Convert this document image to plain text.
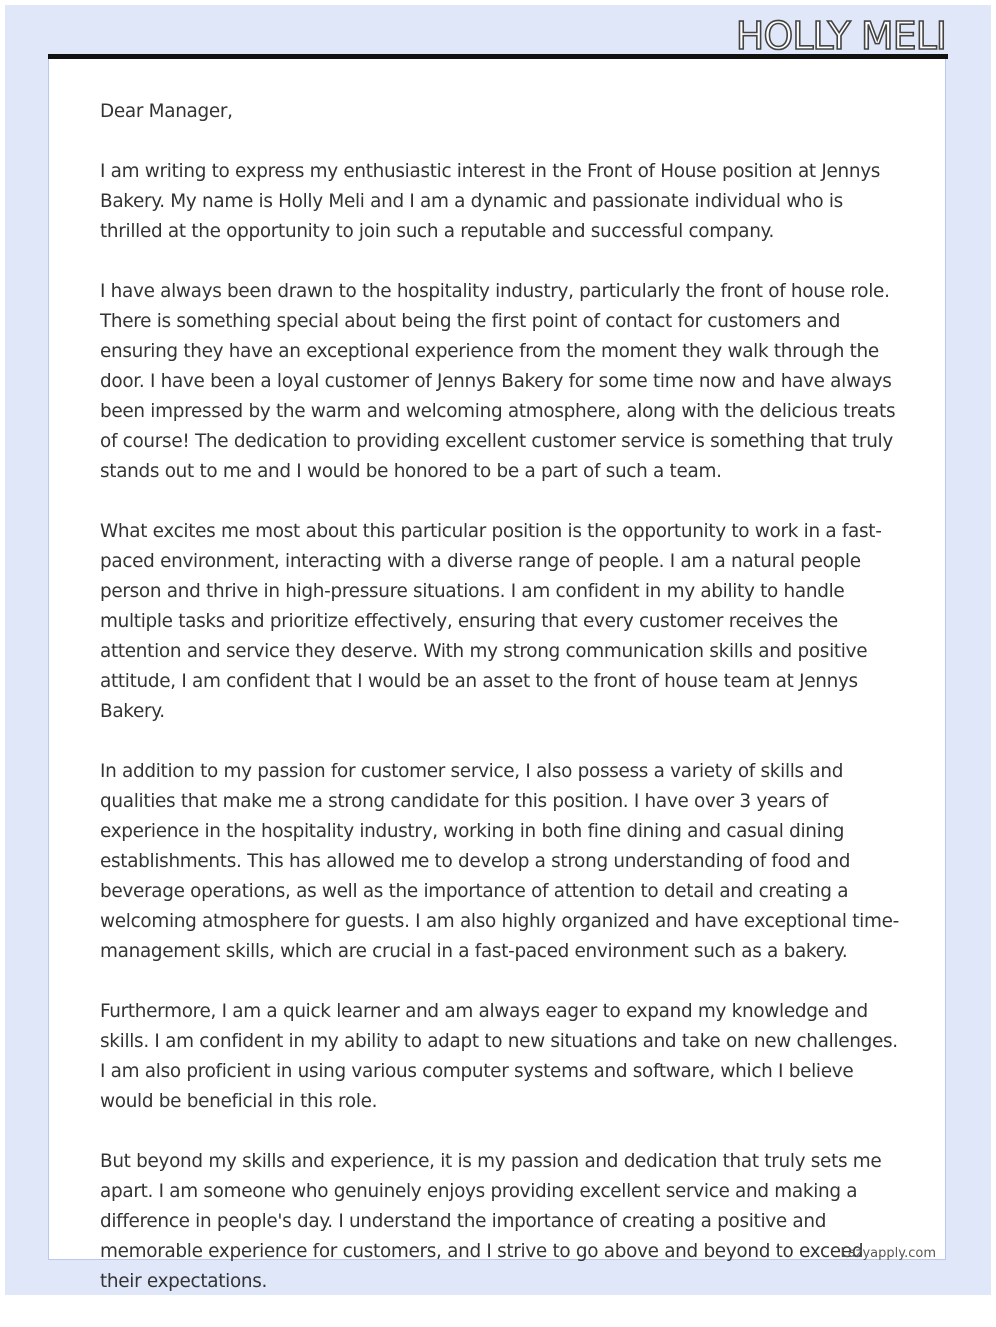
HOLLY MELI

Dear Manager,

I am writing to express my enthusiastic interest in the Front of House position at Jennys Bakery. My name is Holly Meli and I am a dynamic and passionate individual who is thrilled at the opportunity to join such a reputable and successful company.

I have always been drawn to the hospitality industry, particularly the front of house role. There is something special about being the first point of contact for customers and ensuring they have an exceptional experience from the moment they walk through the door. I have been a loyal customer of Jennys Bakery for some time now and have always been impressed by the warm and welcoming atmosphere, along with the delicious treats of course! The dedication to providing excellent customer service is something that truly stands out to me and I would be honored to be a part of such a team.

What excites me most about this particular position is the opportunity to work in a fast-paced environment, interacting with a diverse range of people. I am a natural people person and thrive in high-pressure situations. I am confident in my ability to handle multiple tasks and prioritize effectively, ensuring that every customer receives the attention and service they deserve. With my strong communication skills and positive attitude, I am confident that I would be an asset to the front of house team at Jennys Bakery.

In addition to my passion for customer service, I also possess a variety of skills and qualities that make me a strong candidate for this position. I have over 3 years of experience in the hospitality industry, working in both fine dining and casual dining establishments. This has allowed me to develop a strong understanding of food and beverage operations, as well as the importance of attention to detail and creating a welcoming atmosphere for guests. I am also highly organized and have exceptional time-management skills, which are crucial in a fast-paced environment such as a bakery.

Furthermore, I am a quick learner and am always eager to expand my knowledge and skills. I am confident in my ability to adapt to new situations and take on new challenges. I am also proficient in using various computer systems and software, which I believe would be beneficial in this role.

But beyond my skills and experience, it is my passion and dedication that truly sets me apart. I am someone who genuinely enjoys providing excellent service and making a difference in people's day. I understand the importance of creating a positive and memorable experience for customers, and I strive to go above and beyond to exceed their expectations.

Lazyapply.com
